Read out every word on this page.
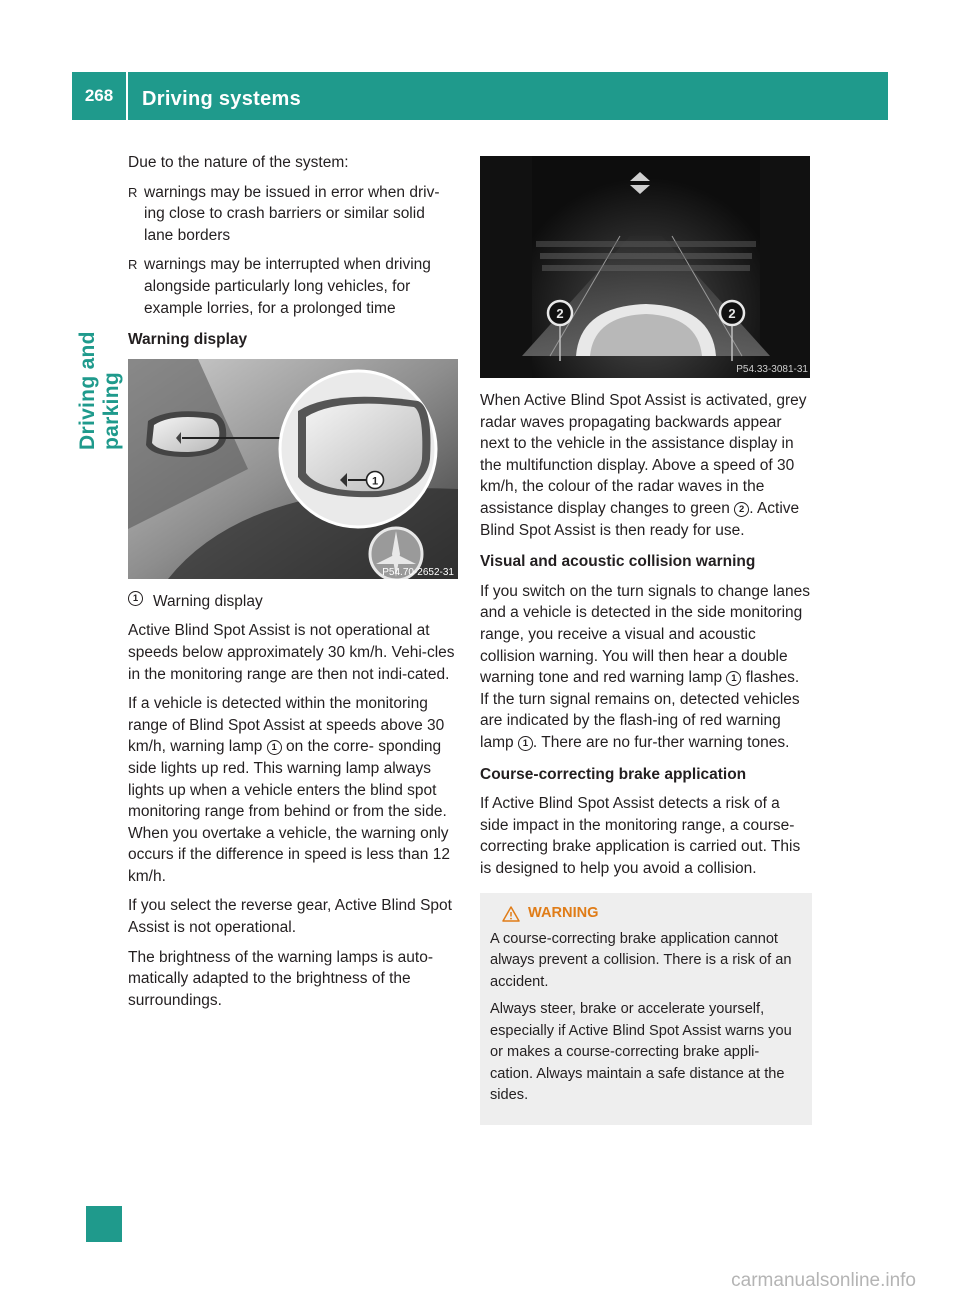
268	Driving systems
Driving and parking

Due to the nature of the system:

R warnings may be issued in error when driv-ing close to crash barriers or similar solid lane borders
R warnings may be interrupted when driving alongside particularly long vehicles, for example lorries, for a prolonged time

Warning display

1
P54.70-2652-31
1 Warning display

Active Blind Spot Assist is not operational at speeds below approximately 30 km/h. Vehi-cles in the monitoring range are then not indi-cated.

If a vehicle is detected within the monitoring range of Blind Spot Assist at speeds above 30 km/h, warning lamp 1 on the corre- sponding side lights up red. This warning lamp always lights up when a vehicle enters the blind spot monitoring range from behind or from the side. When you overtake a vehicle, the warning only occurs if the difference in speed is less than 12 km/h.

If you select the reverse gear, Active Blind Spot Assist is not operational.

The brightness of the warning lamps is auto-matically adapted to the brightness of the surroundings.

2	2
P54.33-3081-31

When Active Blind Spot Assist is activated, grey radar waves propagating backwards appear next to the vehicle in the assistance display in the multifunction display. Above a speed of 30 km/h, the colour of the radar waves in the assistance display changes to green 2 . Active Blind Spot Assist is then ready for use.

Visual and acoustic collision warning

If you switch on the turn signals to change lanes and a vehicle is detected in the side monitoring range, you receive a visual and acoustic collision warning. You will then hear a double warning tone and red warning lamp 1 flashes. If the turn signal remains on, detected vehicles are indicated by the flash-ing of red warning lamp 1 . There are no fur-ther warning tones.

Course-correcting brake application

If Active Blind Spot Assist detects a risk of a side impact in the monitoring range, a course-correcting brake application is carried out. This is designed to help you avoid a collision.

WARNING

A course-correcting brake application cannot always prevent a collision. There is a risk of an accident.

Always steer, brake or accelerate yourself, especially if Active Blind Spot Assist warns you or makes a course-correcting brake appli-cation. Always maintain a safe distance at the sides.

carmanualsonline.info
